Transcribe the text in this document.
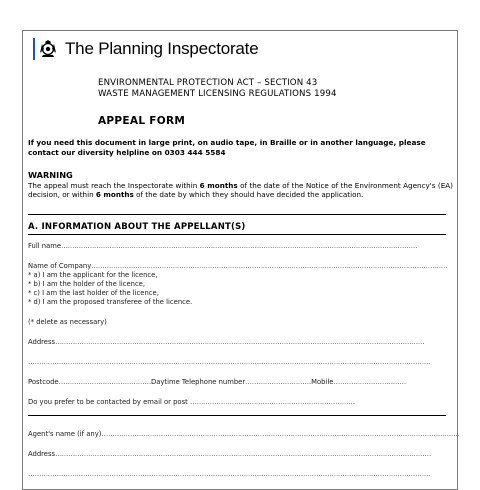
The Planning Inspectorate
ENVIRONMENTAL PROTECTION ACT – SECTION 43
WASTE MANAGEMENT LICENSING REGULATIONS 1994
APPEAL FORM
If you need this document in large print, on audio tape, in Braille or in another language, please contact our diversity helpline on 0303 444 5584
WARNING
The appeal must reach the Inspectorate within 6 months of the date of the Notice of the Environment Agency's (EA) decision, or within 6 months of the date by which they should have decided the application.
A. INFORMATION ABOUT THE APPELLANT(S)
Full name………………………………………………………………………………………………………………………………………………
Name of Company………………………………………………………………………………………………………………………………………………
* a) I am the applicant for the licence,
* b) I am the holder of the licence,
* c) I am the last holder of the licence,
* d) I am the proposed transferee of the licence.
(* delete as necessary)
Address……………………………………………………………………………………………………………………………………………………
…………………………………………………………………………………………………………………………………………………………………
Postcode……………………………………Daytime Telephone number…………………………Mobile……………………………
Do you prefer to be contacted by email or post …………………………………………………………………
Agent's name (if any)……………………………………………………………………………………………………………………………………………….
Address………………………………………………………………………………………………………………………………………………………
…………………………………………………………………………………………………………………………………………………………………
